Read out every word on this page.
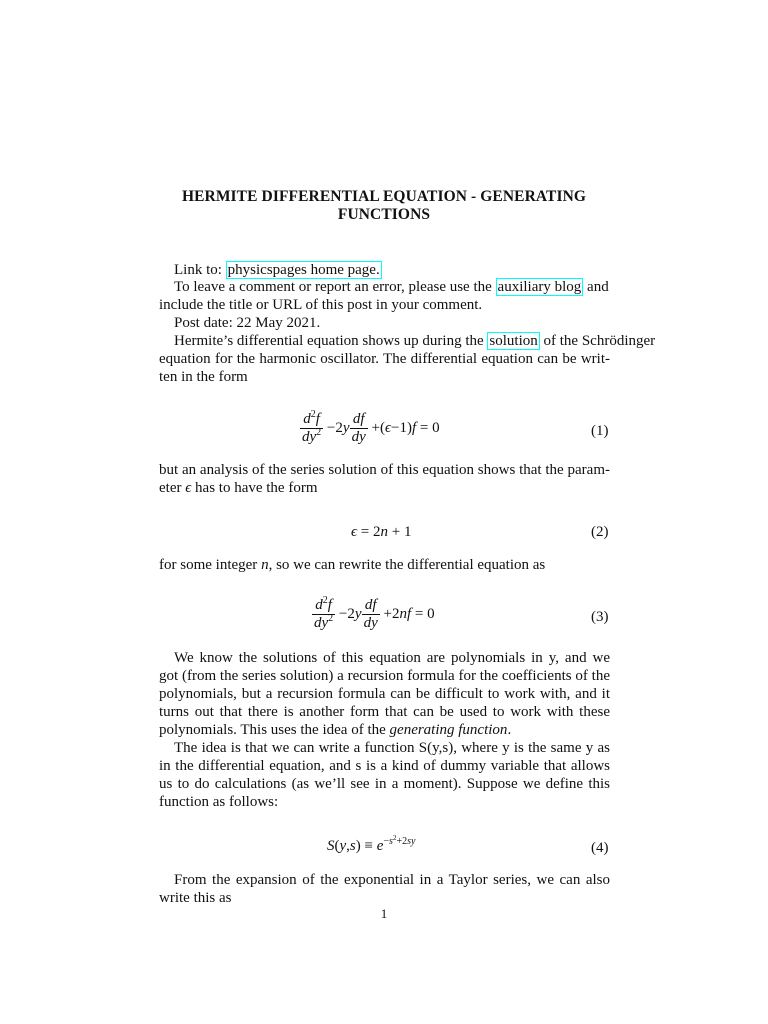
HERMITE DIFFERENTIAL EQUATION - GENERATING
FUNCTIONS
Link to: physicspages home page.
To leave a comment or report an error, please use the auxiliary blog and
include the title or URL of this post in your comment.
Post date: 22 May 2021.
Hermite’s differential equation shows up during the solution of the Schrödinger
equation for the harmonic oscillator. The differential equation can be writ-
ten in the form
$\frac{d^2f}{dy^2} -2y \frac{df}{dy} +(\epsilon-1)f = 0$	(1)
but an analysis of the series solution of this equation shows that the param-
eter ϵ has to have the form
ϵ = 2n + 1	(2)
for some integer n, so we can rewrite the differential equation as
$\frac{d^2f}{dy^2} -2y \frac{df}{dy} +2nf = 0$	(3)
We know the solutions of this equation are polynomials in y, and we
got (from the series solution) a recursion formula for the coefficients of the
polynomials, but a recursion formula can be difficult to work with, and it
turns out that there is another form that can be used to work with these
polynomials. This uses the idea of the generating function.
The idea is that we can write a function S(y,s), where y is the same y as
in the differential equation, and s is a kind of dummy variable that allows
us to do calculations (as we’ll see in a moment). Suppose we define this
function as follows:
$S(y,s) \equiv e^{-s^2+2sy}$	(4)
From the expansion of the exponential in a Taylor series, we can also
write this as
1
